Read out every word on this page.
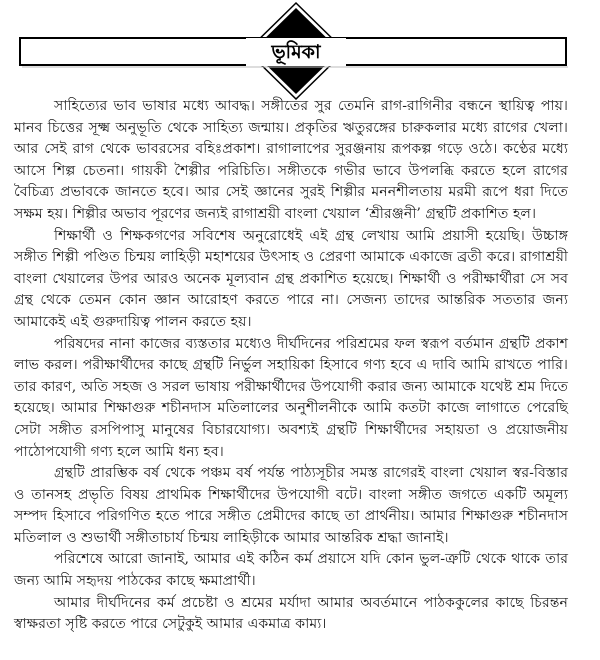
ভূমিকা

সাহিত্যের ভাব ভাষার মধ্যে আবদ্ধ। সঙ্গীতের সুর তেমনি রাগ-রাগিনীর বন্ধনে স্থায়িত্ব পায়। মানব চিত্তের সূক্ষ্ম অনুভূতি থেকে সাহিত্য জন্মায়। প্রকৃতির ঋতুরঙ্গের চারুকলার মধ্যে রাগের খেলা। আর সেই রাগ থেকে ভাবরসের বহিঃপ্রকাশ। রাগালাপের সুরঞ্জনায় রূপকল্প গড়ে ওঠে। কণ্ঠের মধ্যে আসে শিল্প চেতনা। গায়কী শৈল্পীর পরিচিতি। সঙ্গীতকে গভীর ভাবে উপলব্ধি করতে হলে রাগের বৈচিত্র্য প্রভাবকে জানতে হবে। আর সেই জ্ঞানের সুরই শিল্পীর মননশীলতায় মরমী রূপে ধরা দিতে সক্ষম হয়। শিল্পীর অভাব পূরণের জন্যই রাগাশ্রয়ী বাংলা খেয়াল ‘শ্রীরঞ্জনী’ গ্রন্থটি প্রকাশিত হল।

শিক্ষার্থী ও শিক্ষকগণের সবিশেষ অনুরোধেই এই গ্রন্থ লেখায় আমি প্রয়াসী হয়েছি। উচ্চাঙ্গ সঙ্গীত শিল্পী পণ্ডিত চিন্ময় লাহিড়ী মহাশয়ের উৎসাহ ও প্রেরণা আমাকে একাজে ব্রতী করে। রাগাশ্রয়ী বাংলা খেয়ালের উপর আরও অনেক মূল্যবান গ্রন্থ প্রকাশিত হয়েছে। শিক্ষার্থী ও পরীক্ষার্থীরা সে সব গ্রন্থ থেকে তেমন কোন জ্ঞান আরোহণ করতে পারে না। সেজন্য তাদের আন্তরিক সততার জন্য আমাকেই এই গুরুদায়িত্ব পালন করতে হয়।

পরিষদের নানা কাজের ব্যস্ততার মধ্যেও দীর্ঘদিনের পরিশ্রমের ফল স্বরূপ বর্তমান গ্রন্থটি প্রকাশ লাভ করল। পরীক্ষার্থীদের কাছে গ্রন্থটি নির্ভুল সহায়িকা হিসাবে গণ্য হবে এ দাবি আমি রাখতে পারি। তার কারণ, অতি সহজ ও সরল ভাষায় পরীক্ষার্থীদের উপযোগী করার জন্য আমাকে যথেষ্ট শ্রম দিতে হয়েছে। আমার শিক্ষাগুরু শচীনদাস মতিলালের অনুশীলনীকে আমি কতটা কাজে লাগাতে পেরেছি সেটা সঙ্গীত রসপিপাসু মানুষের বিচারযোগ্য। অবশ্যই গ্রন্থটি শিক্ষার্থীদের সহায়তা ও প্রয়োজনীয় পাঠোপযোগী গণ্য হলে আমি ধন্য হব।

গ্রন্থটি প্রারম্ভিক বর্ষ থেকে পঞ্চম বর্ষ পর্যন্ত পাঠ্যসূচীর সমস্ত রাগেরই বাংলা খেয়াল স্বর-বিস্তার ও তানসহ প্রভৃতি বিষয় প্রাথমিক শিক্ষার্থীদের উপযোগী বটে। বাংলা সঙ্গীত জগতে একটি অমূল্য সম্পদ হিসাবে পরিগণিত হতে পারে সঙ্গীত প্রেমীদের কাছে তা প্রার্থনীয়। আমার শিক্ষাগুরু শচীনদাস মতিলাল ও শুভার্থী সঙ্গীতাচার্য চিন্ময় লাহিড়ীকে আমার আন্তরিক শ্রদ্ধা জানাই।

পরিশেষে আরো জানাই, আমার এই কঠিন কর্ম প্রয়াসে যদি কোন ভুল-ত্রুটি থেকে থাকে তার জন্য আমি সহৃদয় পাঠকের কাছে ক্ষমাপ্রার্থী।

আমার দীর্ঘদিনের কর্ম প্রচেষ্টা ও শ্রমের মর্যাদা আমার অবর্তমানে পাঠককুলের কাছে চিরন্তন স্বাক্ষরতা সৃষ্টি করতে পারে সেটুকুই আমার একমাত্র কাম্য।
